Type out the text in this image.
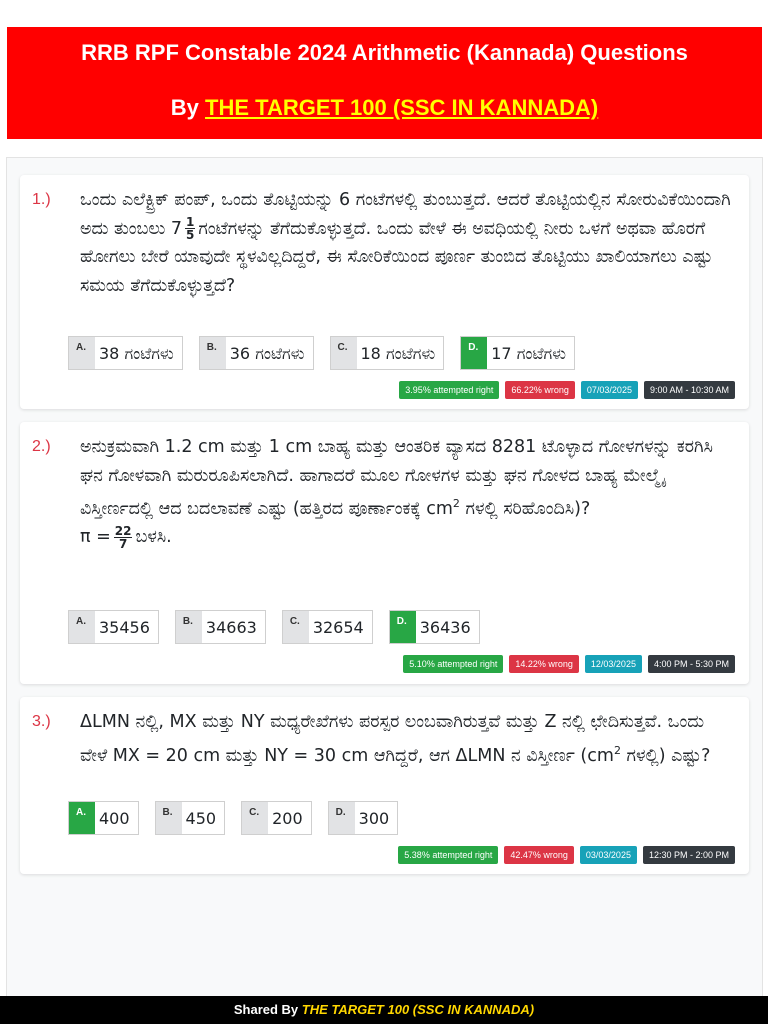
RRB RPF Constable 2024 Arithmetic (Kannada) Questions
By THE TARGET 100 (SSC IN KANNADA)
1.) ಒಂದು ಎಲೆಕ್ಟ್ರಿಕ್ ಪಂಪ್, ಒಂದು ತೊಟ್ಟಿಯನ್ನು 6 ಗಂಟೆಗಳಲ್ಲಿ ತುಂಬುತ್ತದೆ. ಆದರೆ ತೊಟ್ಟಿಯಲ್ಲಿನ ಸೋರುವಿಕೆಯಿಂದಾಗಿ ಅದು ತುಂಬಲು $7 \frac{1}{5}$ ಗಂಟೆಗಳನ್ನು ತೆಗೆದುಕೊಳ್ಳುತ್ತದೆ. ಒಂದು ವೇಳೆ ಈ ಅವಧಿಯಲ್ಲಿ ನೀರು ಒಳಗೆ ಅಥವಾ ಹೊರಗೆ ಹೋಗಲು ಬೇರೆ ಯಾವುದೇ ಸ್ಥಳವಿಲ್ಲದಿದ್ದರೆ, ಈ ಸೋರಿಕೆಯಿಂದ ಪೂರ್ಣ ತುಂಬಿದ ತೊಟ್ಟಿಯು ಖಾಲಿಯಾಗಲು ಎಷ್ಟು ಸಮಯ ತೆಗೆದುಕೊಳ್ಳುತ್ತದೆ?
A. 38 ಗಂಟೆಗಳು	B. 36 ಗಂಟೆಗಳು	C. 18 ಗಂಟೆಗಳು	D. 17 ಗಂಟೆಗಳು
3.95% attempted right	66.22% wrong	07/03/2025	9:00 AM - 10:30 AM
2.) ಅನುಕ್ರಮವಾಗಿ 1.2 cm ಮತ್ತು 1 cm ಬಾಹ್ಯ ಮತ್ತು ಆಂತರಿಕ ವ್ಯಾಸದ 8281 ಟೊಳ್ಳಾದ ಗೋಳಗಳನ್ನು ಕರಗಿಸಿ ಘನ ಗೋಳವಾಗಿ ಮರುರೂಪಿಸಲಾಗಿದೆ. ಹಾಗಾದರೆ ಮೂಲ ಗೋಳಗಳ ಮತ್ತು ಘನ ಗೋಳದ ಬಾಹ್ಯ ಮೇಲ್ಮೈ ವಿಸ್ತೀರ್ಣದಲ್ಲಿ ಆದ ಬದಲಾವಣೆ ಎಷ್ಟು (ಹತ್ತಿರದ ಪೂರ್ಣಾಂಕಕ್ಕೆ $cm^2$ ಗಳಲ್ಲಿ ಸರಿಹೊಂದಿಸಿ)?
$\pi = \frac{22}{7}$ ಬಳಸಿ.
A. 35456	B. 34663	C. 32654	D. 36436
5.10% attempted right	14.22% wrong	12/03/2025	4:00 PM - 5:30 PM
3.) ΔLMN ನಲ್ಲಿ, MX ಮತ್ತು NY ಮಧ್ಯರೇಖೆಗಳು ಪರಸ್ಪರ ಲಂಬವಾಗಿರುತ್ತವೆ ಮತ್ತು Z ನಲ್ಲಿ ಛೇದಿಸುತ್ತವೆ. ಒಂದು ವೇಳೆ MX = 20 cm ಮತ್ತು NY = 30 cm ಆಗಿದ್ದರೆ, ಆಗ ΔLMN ನ ವಿಸ್ತೀರ್ಣ ($cm^2$ ಗಳಲ್ಲಿ) ಎಷ್ಟು?
A. 400	B. 450	C. 200	D. 300
5.38% attempted right	42.47% wrong	03/03/2025	12:30 PM - 2:00 PM
Shared By THE TARGET 100 (SSC IN KANNADA)
